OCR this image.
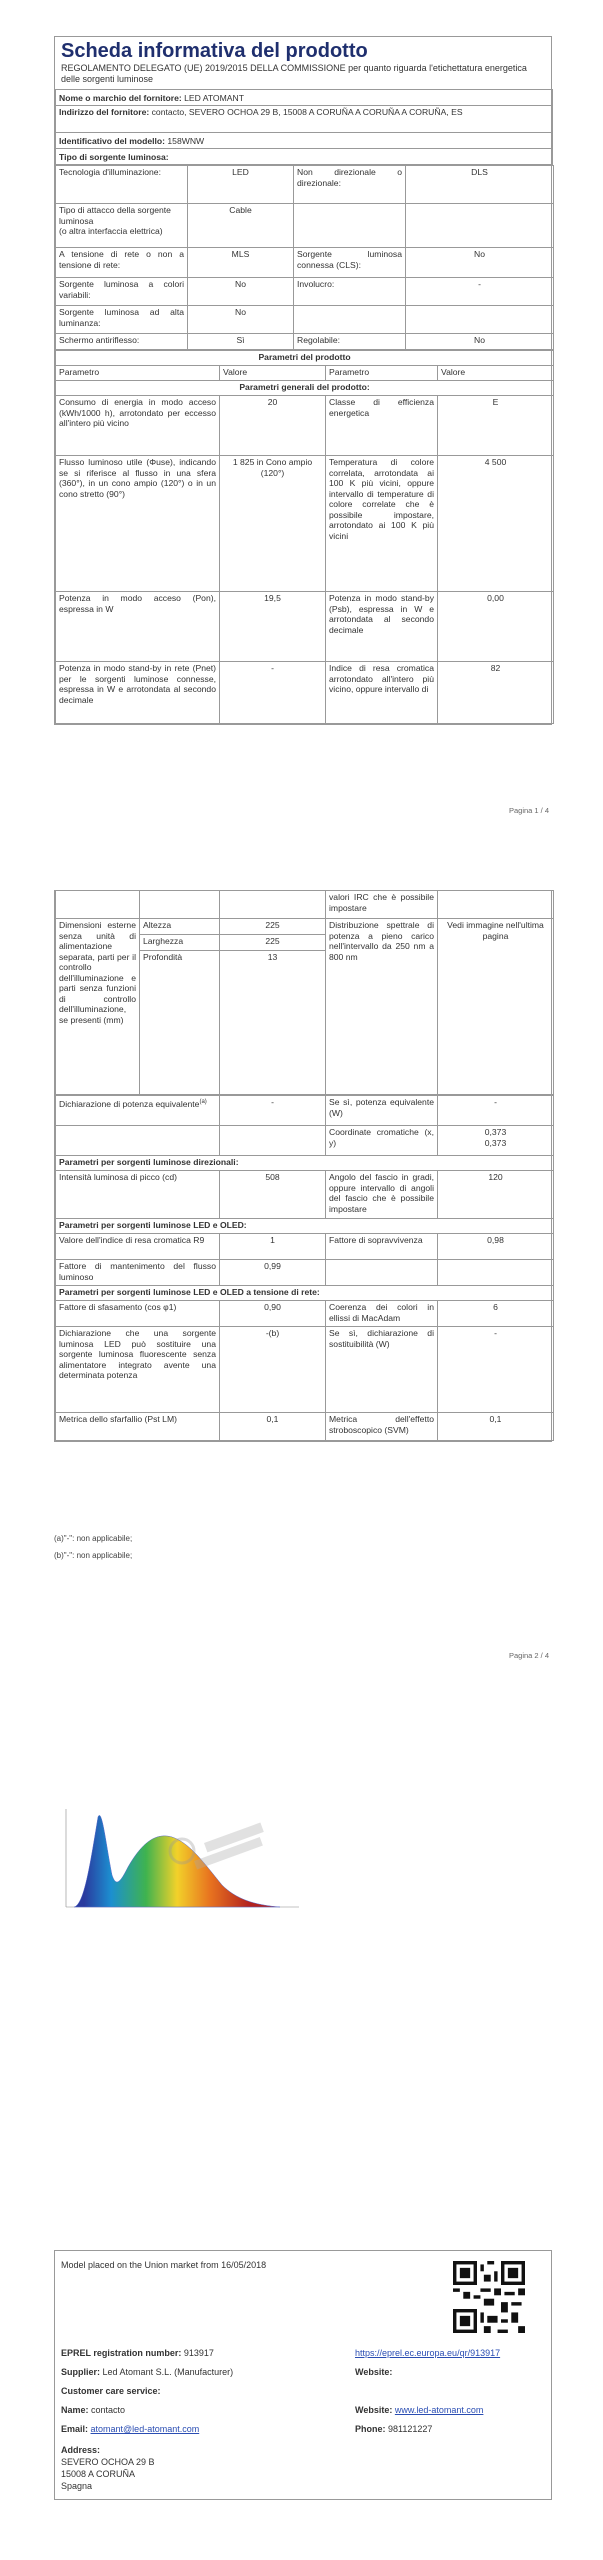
Scheda informativa del prodotto
REGOLAMENTO DELEGATO (UE) 2019/2015 DELLA COMMISSIONE per quanto riguarda l'etichettatura energetica delle sorgenti luminose
Nome o marchio del fornitore: LED ATOMANT
Indirizzo del fornitore: contacto, SEVERO OCHOA 29 B, 15008 A CORUÑA A CORUÑA A CORUÑA, ES
Identificativo del modello: 158WNW
Tipo di sorgente luminosa:
Tecnologia d'illuminazione:	LED	Non direzionale o direzionale:	DLS
Tipo di attacco della sorgente luminosa
(o altra interfaccia elettrica)	Cable		
A tensione di rete o non a tensione di rete:	MLS	Sorgente luminosa connessa (CLS):	No
Sorgente luminosa a colori variabili:	No	Involucro:	-
Sorgente luminosa ad alta luminanza:	No		
Schermo antiriflesso:	Sì	Regolabile:	No
Parametri del prodotto			
Parametro	Valore	Parametro	Valore
Parametri generali del prodotto:			
Consumo di energia in modo acceso (kWh/1000 h), arrotondato per eccesso all'intero più vicino	20	Classe di efficienza energetica	E
Flusso luminoso utile (Φuse), indicando se si riferisce al flusso in una sfera (360°), in un cono ampio (120°) o in un cono stretto (90°)	1 825 in Cono ampio (120°)	Temperatura di colore correlata, arrotondata ai 100 K più vicini, oppure intervallo di temperature di colore correlate che è possibile impostare, arrotondato ai 100 K più vicini	4 500
Potenza in modo acceso (Pon), espressa in W	19,5	Potenza in modo stand-by (Psb), espressa in W e arrotondata al secondo decimale	0,00
Potenza in modo stand-by in rete (Pnet) per le sorgenti luminose connesse, espressa in W e arrotondata al secondo decimale	-	Indice di resa cromatica arrotondato all'intero più vicino, oppure intervallo di	82
Pagina 1 / 4
			valori IRC che è possibile impostare	
Dimensioni esterne senza unità di alimentazione separata, parti per il controllo dell'illuminazione e parti senza funzioni di controllo dell'illuminazione, se presenti (mm)	Altezza	225	Distribuzione spettrale di potenza a pieno carico nell'intervallo da 250 nm a 800 nm	Vedi immagine nell'ultima pagina
	Larghezza	225		
	Profondità	13		
Dichiarazione di potenza equivalente$^{(a)}$	-	Se sì, potenza equivalente (W)	-
		Coordinate cromatiche (x, y)	0,373
0,373
Parametri per sorgenti luminose direzionali:			
Intensità luminosa di picco (cd)	508	Angolo del fascio in gradi, oppure intervallo di angoli del fascio che è possibile impostare	120
Parametri per sorgenti luminose LED e OLED:			
Valore dell'indice di resa cromatica R9	1	Fattore di sopravvivenza	0,98
Fattore di mantenimento del flusso luminoso	0,99		
Parametri per sorgenti luminose LED e OLED a tensione di rete:			
Fattore di sfasamento (cos φ1)	0,90	Coerenza dei colori in ellissi di MacAdam	6
Dichiarazione che una sorgente luminosa LED può sostituire una sorgente luminosa fluorescente senza alimentatore integrato avente una determinata potenza	-(b)	Se sì, dichiarazione di sostituibilità (W)	-
Metrica dello sfarfallio (Pst LM)	0,1	Metrica dell'effetto stroboscopico (SVM)	0,1
(a)"-": non applicabile;
(b)"-": non applicabile;
Pagina 2 / 4
Model placed on the Union market from 16/05/2018
EPREL registration number: 913917	https://eprel.ec.europa.eu/qr/913917
Supplier: Led Atomant S.L. (Manufacturer)	Website:
Customer care service:
Name: contacto	Website: www.led-atomant.com
Email: atomant@led-atomant.com	Phone: 981121227
Address:
SEVERO OCHOA 29 B
15008 A CORUÑA
Spagna
